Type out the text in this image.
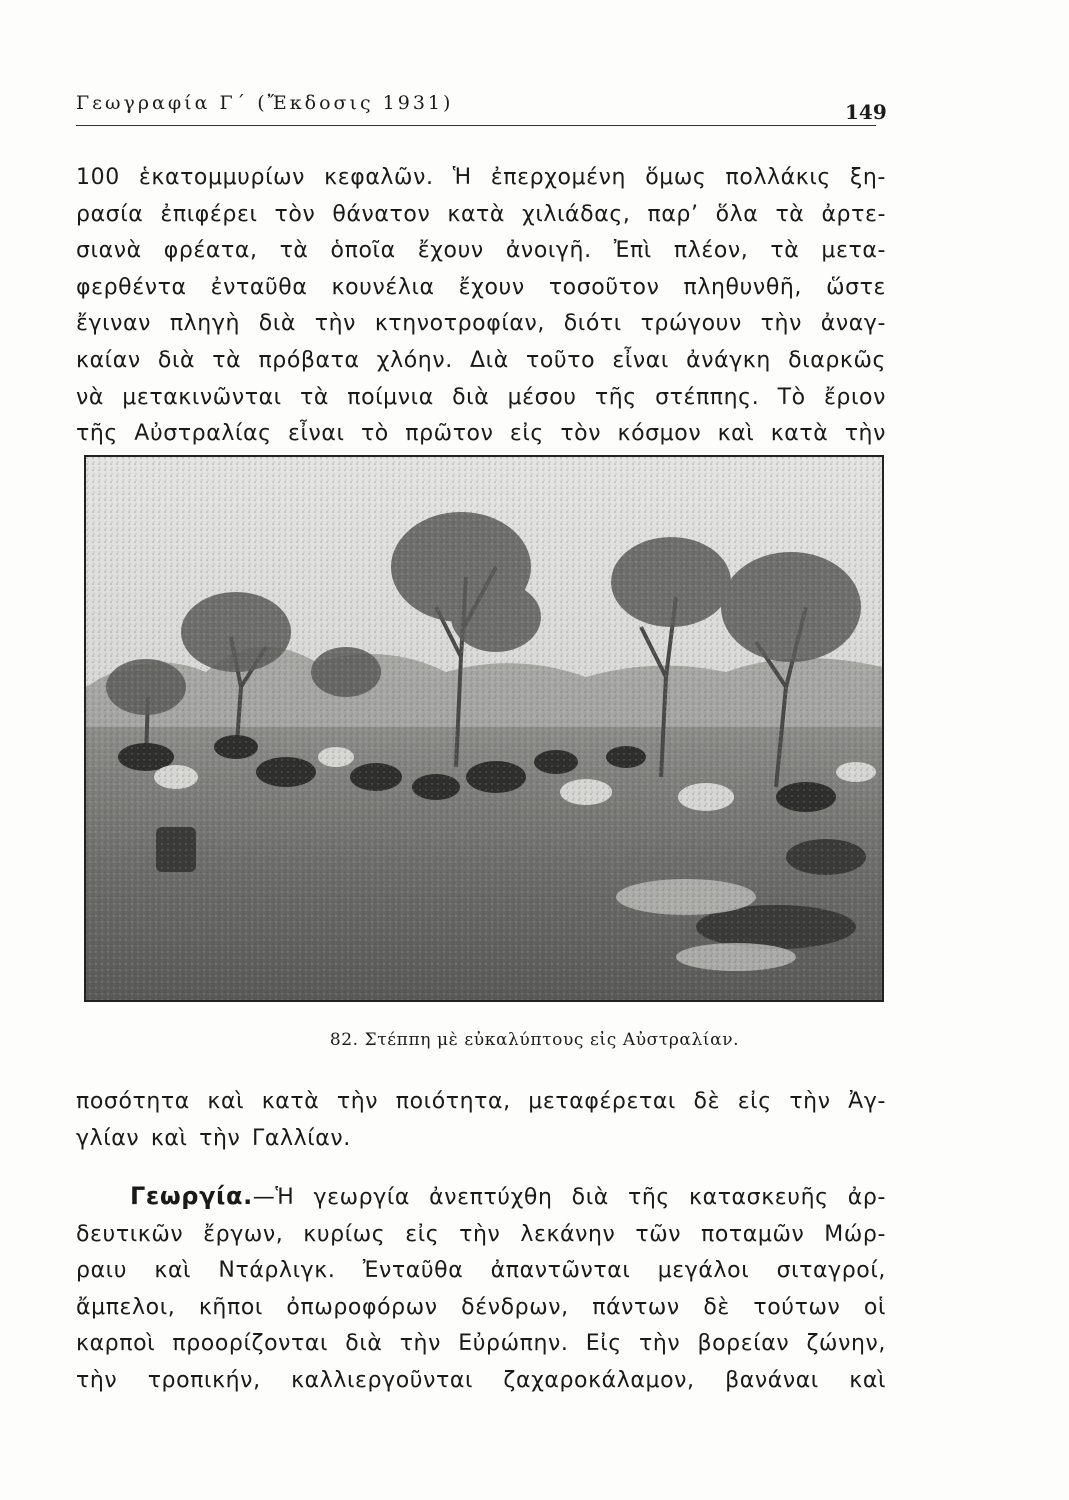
Γεωγραφία Γ΄ (Ἔκδοσις 1931)	149

100 ἑκατομμυρίων κεφαλῶν. Ἡ ἐπερχομένη ὅμως πολλάκις ξη-
ρασία ἐπιφέρει τὸν θάνατον κατὰ χιλιάδας, παρ’ ὅλα τὰ ἀρτε-
σιανὰ φρέατα, τὰ ὁποῖα ἔχουν ἀνοιγῆ. Ἐπὶ πλέον, τὰ μετα-
φερθέντα ἐνταῦθα κουνέλια ἔχουν τοσοῦτον πληθυνθῆ, ὥστε
ἔγιναν πληγὴ διὰ τὴν κτηνοτροφίαν, διότι τρώγουν τὴν ἀναγ-
καίαν διὰ τὰ πρόβατα χλόην. Διὰ τοῦτο εἶναι ἀνάγκη διαρκῶς
νὰ μετακινῶνται τὰ ποίμνια διὰ μέσου τῆς στέππης. Τὸ ἔριον
τῆς Αὐστραλίας εἶναι τὸ πρῶτον εἰς τὸν κόσμον καὶ κατὰ τὴν

82. Στέππη μὲ εὐκαλύπτους εἰς Αὐστραλίαν.

ποσότητα καὶ κατὰ τὴν ποιότητα, μεταφέρεται δὲ εἰς τὴν Ἀγ-
γλίαν καὶ τὴν Γαλλίαν.

Γεωργία.—Ἡ γεωργία ἀνεπτύχθη διὰ τῆς κατασκευῆς ἀρ-
δευτικῶν ἔργων, κυρίως εἰς τὴν λεκάνην τῶν ποταμῶν Μώρ-
ραιυ καὶ Ντάρλιγκ. Ἐνταῦθα ἀπαντῶνται μεγάλοι σιταγροί,
ἄμπελοι, κῆποι ὀπωροφόρων δένδρων, πάντων δὲ τούτων οἱ
καρποὶ προορίζονται διὰ τὴν Εὐρώπην. Εἰς τὴν βορείαν ζώνην,
τὴν τροπικήν, καλλιεργοῦνται ζαχαροκάλαμον, βανάναι καὶ
